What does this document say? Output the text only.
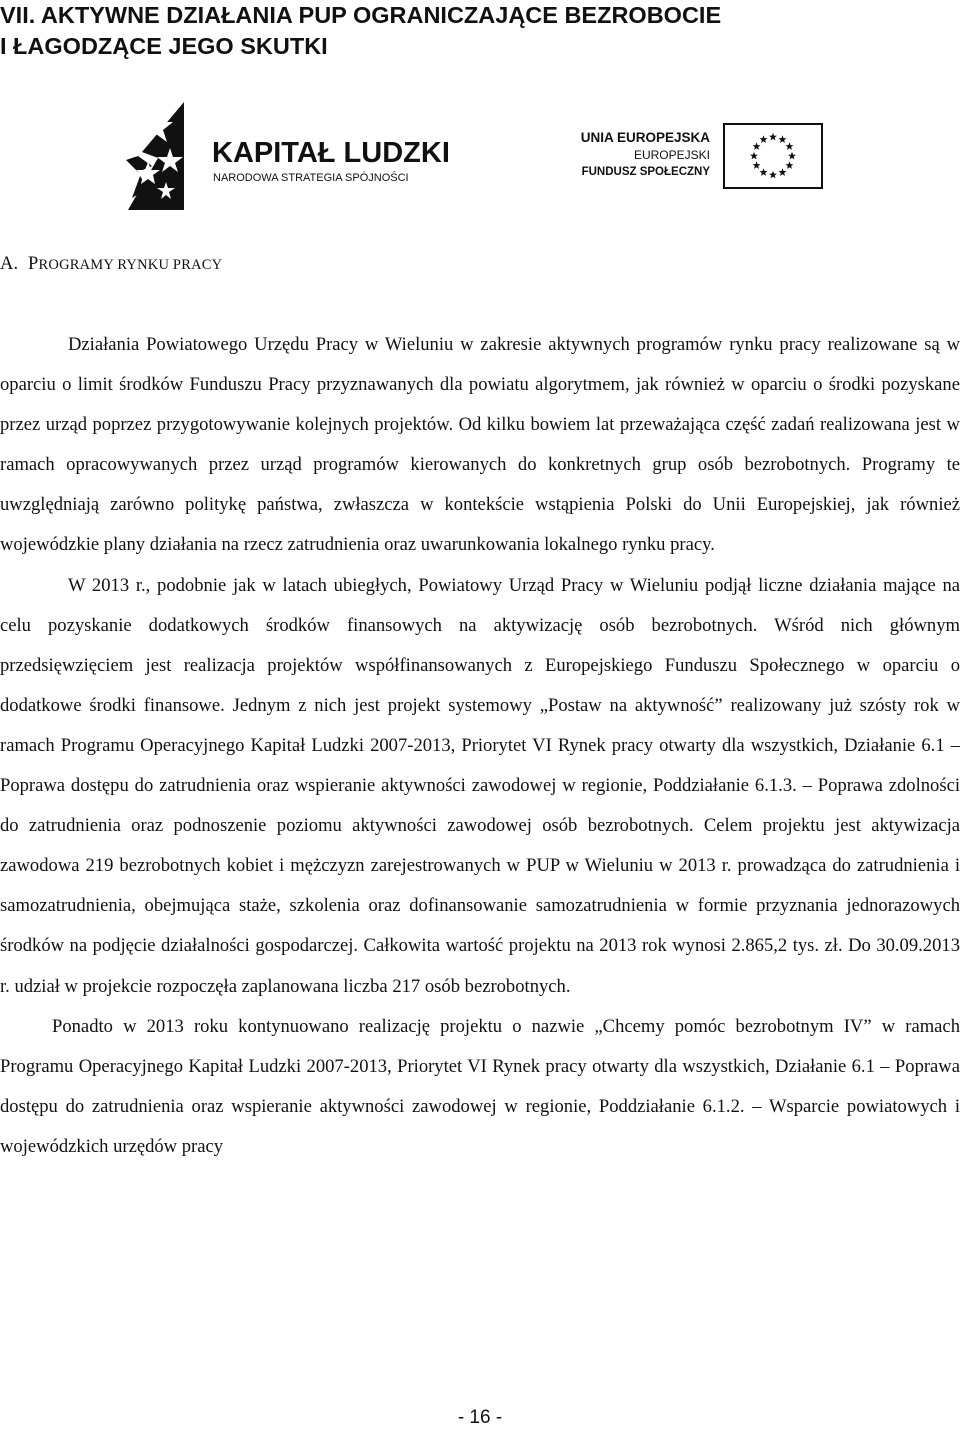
VII. AKTYWNE DZIAŁANIA PUP OGRANICZAJĄCE BEZROBOCIE
I ŁAGODZĄCE JEGO SKUTKI
KAPITAŁ LUDZKI
NARODOWA STRATEGIA SPÓJNOŚCI
UNIA EUROPEJSKA
EUROPEJSKI
FUNDUSZ SPOŁECZNY
A. PROGRAMY RYNKU PRACY

Działania Powiatowego Urzędu Pracy w Wieluniu w zakresie aktywnych programów rynku pracy realizowane są w oparciu o limit środków Funduszu Pracy przyznawanych dla powiatu algorytmem, jak również w oparciu o środki pozyskane przez urząd poprzez przygotowywanie kolejnych projektów. Od kilku bowiem lat przeważająca część zadań realizowana jest w ramach opracowywanych przez urząd programów kierowanych do konkretnych grup osób bezrobotnych. Programy te uwzględniają zarówno politykę państwa, zwłaszcza w kontekście wstąpienia Polski do Unii Europejskiej, jak również wojewódzkie plany działania na rzecz zatrudnienia oraz uwarunkowania lokalnego rynku pracy.

W 2013 r., podobnie jak w latach ubiegłych, Powiatowy Urząd Pracy w Wieluniu podjął liczne działania mające na celu pozyskanie dodatkowych środków finansowych na aktywizację osób bezrobotnych. Wśród nich głównym przedsięwzięciem jest realizacja projektów współfinansowanych z Europejskiego Funduszu Społecznego w oparciu o dodatkowe środki finansowe. Jednym z nich jest projekt systemowy „Postaw na aktywność” realizowany już szósty rok w ramach Programu Operacyjnego Kapitał Ludzki 2007-2013, Priorytet VI Rynek pracy otwarty dla wszystkich, Działanie 6.1 – Poprawa dostępu do zatrudnienia oraz wspieranie aktywności zawodowej w regionie, Poddziałanie 6.1.3. – Poprawa zdolności do zatrudnienia oraz podnoszenie poziomu aktywności zawodowej osób bezrobotnych. Celem projektu jest aktywizacja zawodowa 219 bezrobotnych kobiet i mężczyzn zarejestrowanych w PUP w Wieluniu w 2013 r. prowadząca do zatrudnienia i samozatrudnienia, obejmująca staże, szkolenia oraz dofinansowanie samozatrudnienia w formie przyznania jednorazowych środków na podjęcie działalności gospodarczej. Całkowita wartość projektu na 2013 rok wynosi 2.865,2 tys. zł. Do 30.09.2013 r. udział w projekcie rozpoczęła zaplanowana liczba 217 osób bezrobotnych.

Ponadto w 2013 roku kontynuowano realizację projektu o nazwie „Chcemy pomóc bezrobotnym IV” w ramach Programu Operacyjnego Kapitał Ludzki 2007-2013, Priorytet VI Rynek pracy otwarty dla wszystkich, Działanie 6.1 – Poprawa dostępu do zatrudnienia oraz wspieranie aktywności zawodowej w regionie, Poddziałanie 6.1.2. – Wsparcie powiatowych i wojewódzkich urzędów pracy

- 16 -
